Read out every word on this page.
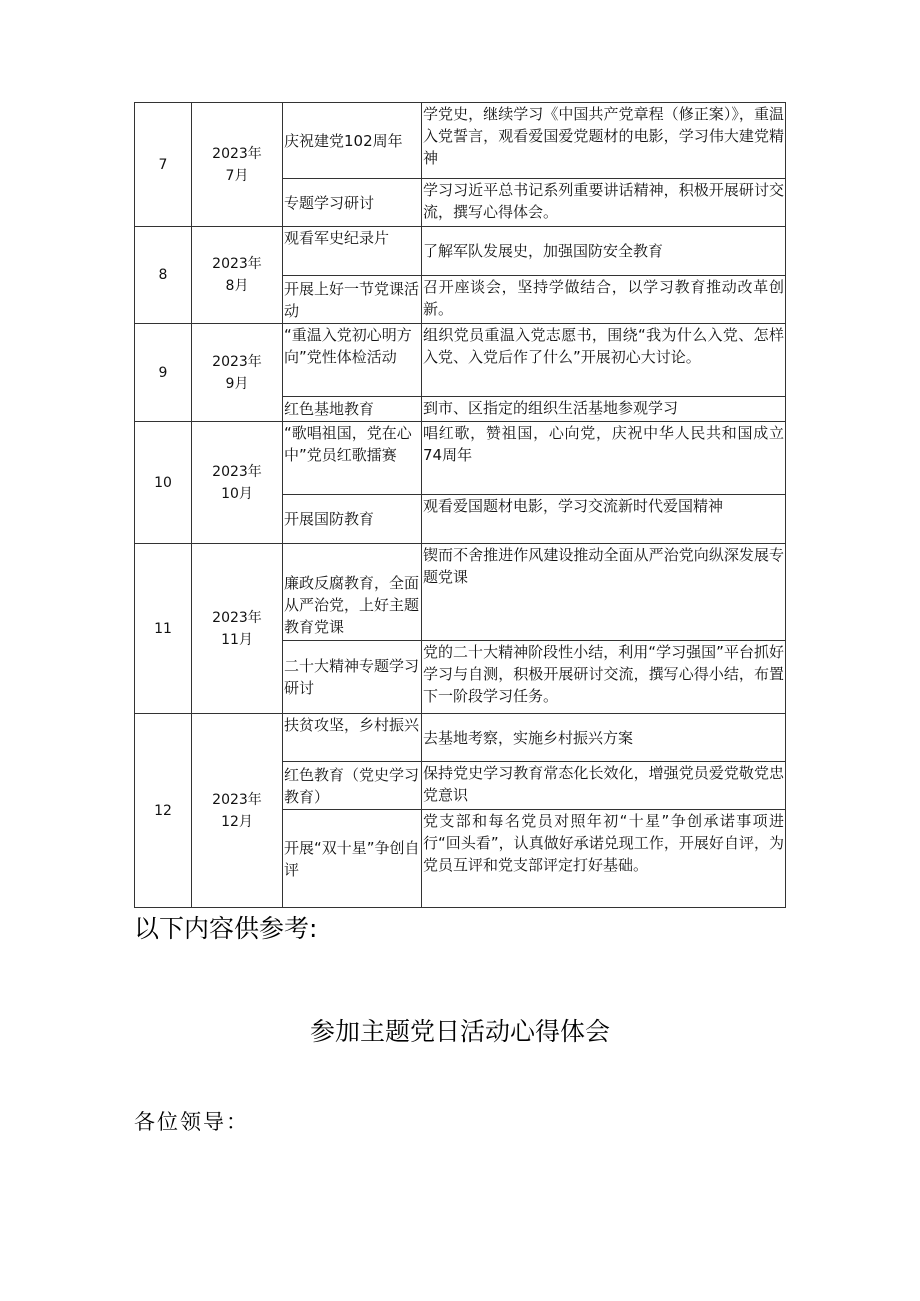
7	2023年7月	庆祝建党102周年	学党史，继续学习《中国共产党章程（修正案）》，重温入党誓言，观看爱国爱党题材的电影，学习伟大建党精神
		专题学习研讨	学习习近平总书记系列重要讲话精神，积极开展研讨交流，撰写心得体会。
8	2023年8月	观看军史纪录片	了解军队发展史，加强国防安全教育
		开展上好一节党课活动	召开座谈会，坚持学做结合，以学习教育推动改革创新。
9	2023年9月	“重温入党初心明方向”党性体检活动	组织党员重温入党志愿书，围绕“我为什么入党、怎样入党、入党后作了什么”开展初心大讨论。
		红色基地教育	到市、区指定的组织生活基地参观学习
10	2023年10月	“歌唱祖国，党在心中”党员红歌擂赛	唱红歌，赞祖国，心向党，庆祝中华人民共和国成立74周年
		开展国防教育	观看爱国题材电影，学习交流新时代爱国精神
11	2023年11月	廉政反腐教育，全面从严治党，上好主题教育党课	锲而不舍推进作风建设推动全面从严治党向纵深发展专题党课
		二十大精神专题学习研讨	党的二十大精神阶段性小结，利用“学习强国”平台抓好学习与自测，积极开展研讨交流，撰写心得小结，布置下一阶段学习任务。
12	2023年12月	扶贫攻坚，乡村振兴	去基地考察，实施乡村振兴方案
		红色教育（党史学习教育）	保持党史学习教育常态化长效化，增强党员爱党敬党忠党意识
		开展“双十星”争创自评	党支部和每名党员对照年初“十星”争创承诺事项进行“回头看”，认真做好承诺兑现工作，开展好自评，为党员互评和党支部评定打好基础。
以下内容供参考:
参加主题党日活动心得体会
各位领导：
